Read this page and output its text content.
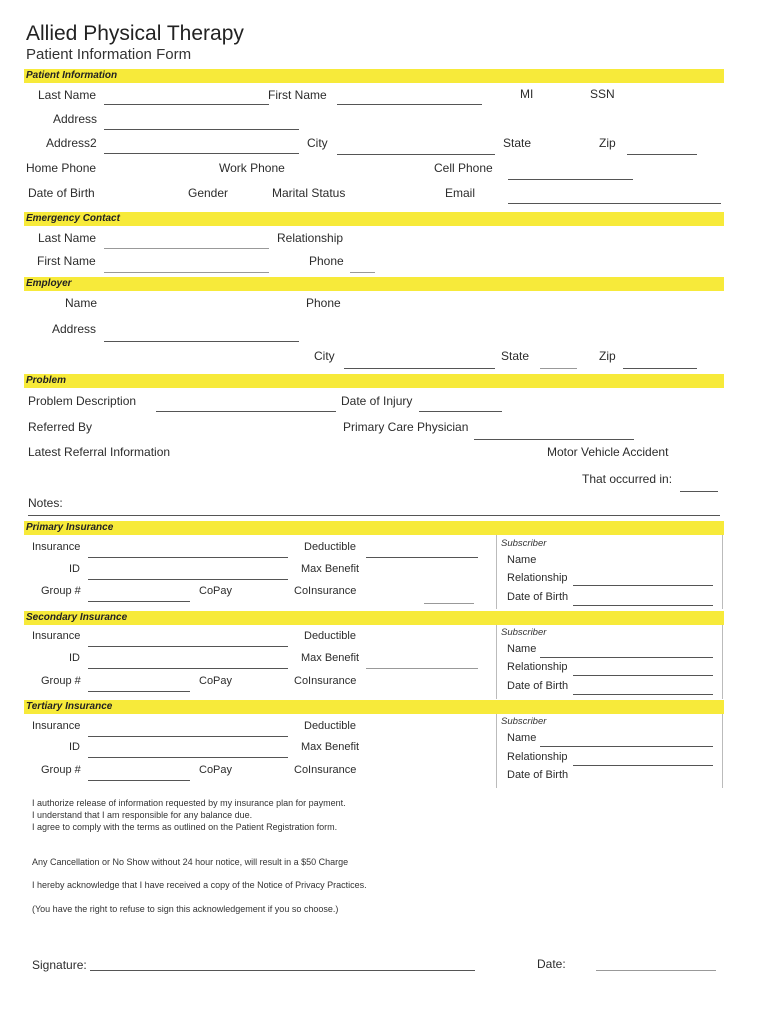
Allied Physical Therapy
Patient Information Form
Patient Information
Last Name	First Name	MI	SSN
Address
Address2	City	State	Zip
Home Phone	Work Phone	Cell Phone
Date of Birth	Gender	Marital Status	Email
Emergency Contact
Last Name	Relationship
First Name	Phone
Employer
Name	Phone
Address
City	State	Zip
Problem
Problem Description	Date of Injury
Referred By	Primary Care Physician
Latest Referral Information	Motor Vehicle Accident
That occurred in:
Notes:
Primary Insurance
Insurance	Deductible
ID	Max Benefit
Group #	CoPay	CoInsurance
Subscriber
Name
Relationship
Date of Birth
Secondary Insurance
Insurance	Deductible
ID	Max Benefit
Group #	CoPay	CoInsurance
Subscriber
Name
Relationship
Date of Birth
Tertiary Insurance
Insurance	Deductible
ID	Max Benefit
Group #	CoPay	CoInsurance
Subscriber
Name
Relationship
Date of Birth
I authorize release of information requested by my insurance plan for payment.
I understand that I am responsible for any balance due.
I agree to comply with the terms as outlined on the Patient Registration form.
Any Cancellation or No Show without 24 hour notice, will result in a $50 Charge
I hereby acknowledge that I have received a copy of the Notice of Privacy Practices.
(You have the right to refuse to sign this acknowledgement if you so choose.)
Signature:	Date:
